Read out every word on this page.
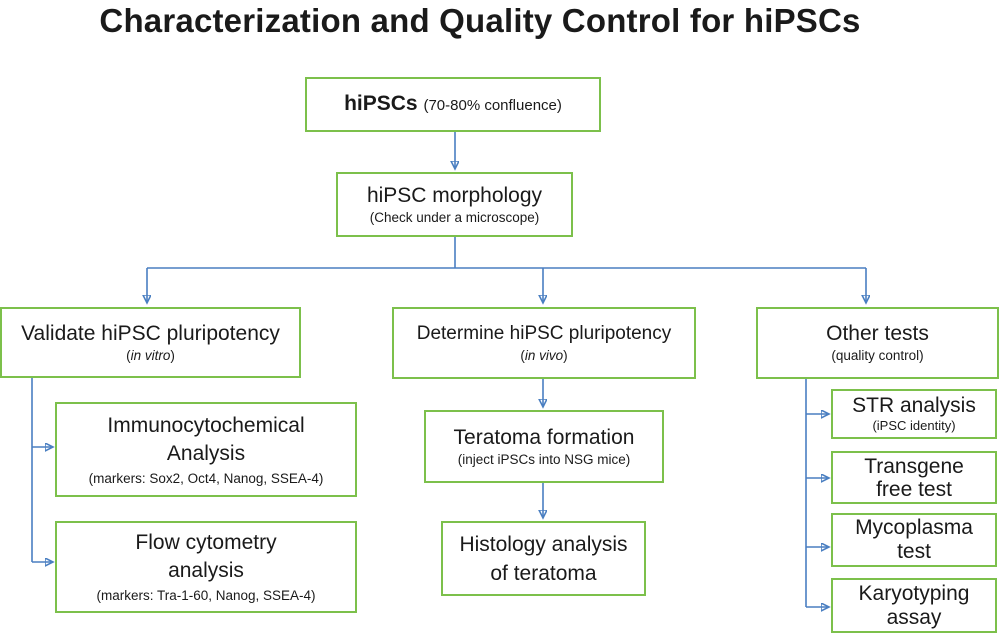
Characterization and Quality Control for hiPSCs
hiPSCs (70-80% confluence)
hiPSC morphology
(Check under a microscope)
Validate hiPSC pluripotency
(in vitro)
Determine hiPSC pluripotency
(in vivo)
Other tests
(quality control)
Immunocytochemical
Analysis
(markers: Sox2, Oct4, Nanog, SSEA-4)
Flow cytometry
analysis
(markers: Tra-1-60, Nanog, SSEA-4)
Teratoma formation
(inject iPSCs into NSG mice)
Histology analysis
of teratoma
STR analysis
(iPSC identity)
Transgene
free test
Mycoplasma
test
Karyotyping
assay
